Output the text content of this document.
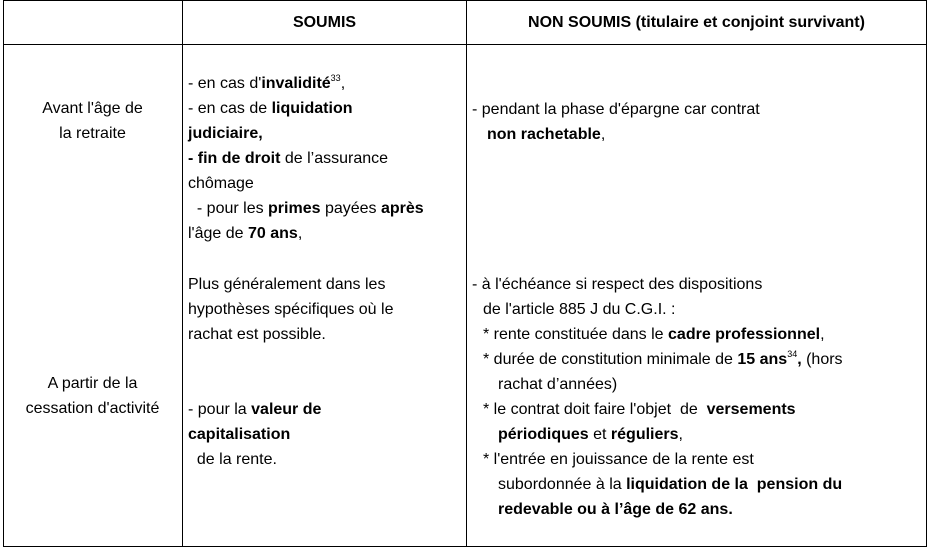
SOUMIS	NON SOUMIS (titulaire et conjoint survivant)
Avant l'âge de
la retraite
A partir de la
cessation d'activité
- en cas d'invalidité$^{33}$,
- en cas de liquidation
judiciaire,
- fin de droit de l’assurance
chômage
- pour les primes payées après
l'âge de 70 ans,
Plus généralement dans les
hypothèses spécifiques où le
rachat est possible.
- pour la valeur de
capitalisation
de la rente.
- pendant la phase d'épargne car contrat
non rachetable,
- à l'échéance si respect des dispositions
de l'article 885 J du C.G.I. :
* rente constituée dans le cadre professionnel,
* durée de constitution minimale de 15 ans$^{34}$, (hors
rachat d’années)
* le contrat doit faire l'objet  de  versements
périodiques et réguliers,
* l'entrée en jouissance de la rente est
subordonnée à la liquidation de la  pension du
redevable ou à l’âge de 62 ans.
